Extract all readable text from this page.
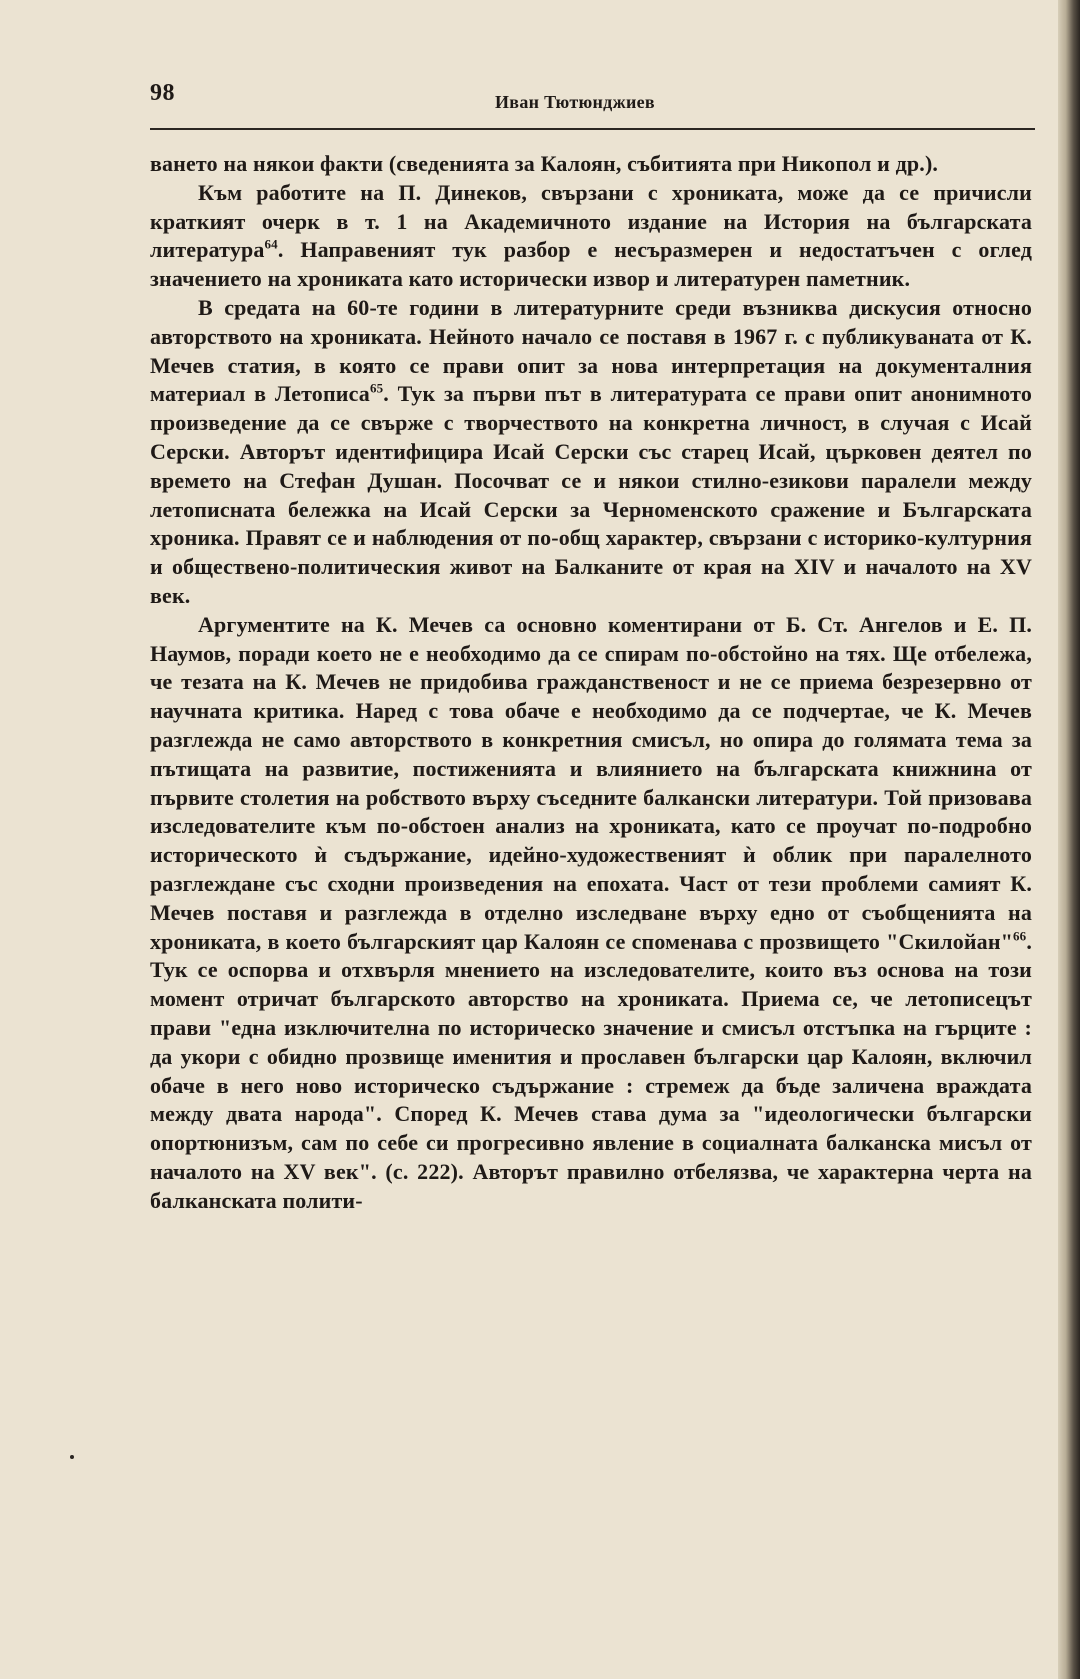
98	Иван Тютюнджиев

ването на някои факти (сведенията за Калоян, събитията при Никопол и др.).

Към работите на П. Динеков, свързани с хрониката, може да се причисли краткият очерк в т. 1 на Академичното издание на История на българската литература$^{64}$. Направеният тук разбор е несъразмерен и недостатъчен с оглед значението на хрониката като исторически извор и литературен паметник.

В средата на 60-те години в литературните среди възниква дискусия относно авторството на хрониката. Нейното начало се поставя в 1967 г. с публикуваната от К. Мечев статия, в която се прави опит за нова интерпретация на документалния материал в Летописа$^{65}$. Тук за първи път в литературата се прави опит анонимното произведение да се свърже с творчеството на конкретна личност, в случая с Исай Серски. Авторът идентифицира Исай Серски със старец Исай, църковен деятел по времето на Стефан Душан. Посочват се и някои стилно-езикови паралели между летописната бележка на Исай Серски за Черноменското сражение и Българската хроника. Правят се и наблюдения от по-общ характер, свързани с историко-културния и обществено-политическия живот на Балканите от края на XIV и началото на XV век.

Аргументите на К. Мечев са основно коментирани от Б. Ст. Ангелов и Е. П. Наумов, поради което не е необходимо да се спирам по-обстойно на тях. Ще отбележа, че тезата на К. Мечев не придобива гражданственост и не се приема безрезервно от научната критика. Наред с това обаче е необходимо да се подчертае, че К. Мечев разглежда не само авторството в конкретния смисъл, но опира до голямата тема за пътищата на развитие, постиженията и влиянието на българската книжнина от първите столетия на робството върху съседните балкански литератури. Той призовава изследователите към по-обстоен анализ на хрониката, като се проучат по-подробно историческото ѝ съдържание, идейно-художественият ѝ облик при паралелното разглеждане със сходни произведения на епохата. Част от тези проблеми самият К. Мечев поставя и разглежда в отделно изследване върху едно от съобщенията на хрониката, в което българският цар Калоян се споменава с прозвището "Скилойан"$^{66}$. Тук се оспорва и отхвърля мнението на изследователите, които въз основа на този момент отричат българското авторство на хрониката. Приема се, че летописецът прави "една изключителна по историческо значение и смисъл отстъпка на гърците : да укори с обидно прозвище именития и прославен български цар Калоян, включил обаче в него ново историческо съдържание : стремеж да бъде заличена враждата между двата народа". Според К. Мечев става дума за "идеологически български опортюнизъм, сам по себе си прогресивно явление в социалната балканска мисъл от началото на XV век". (с. 222). Авторът правилно отбелязва, че характерна черта на балканската полити-
